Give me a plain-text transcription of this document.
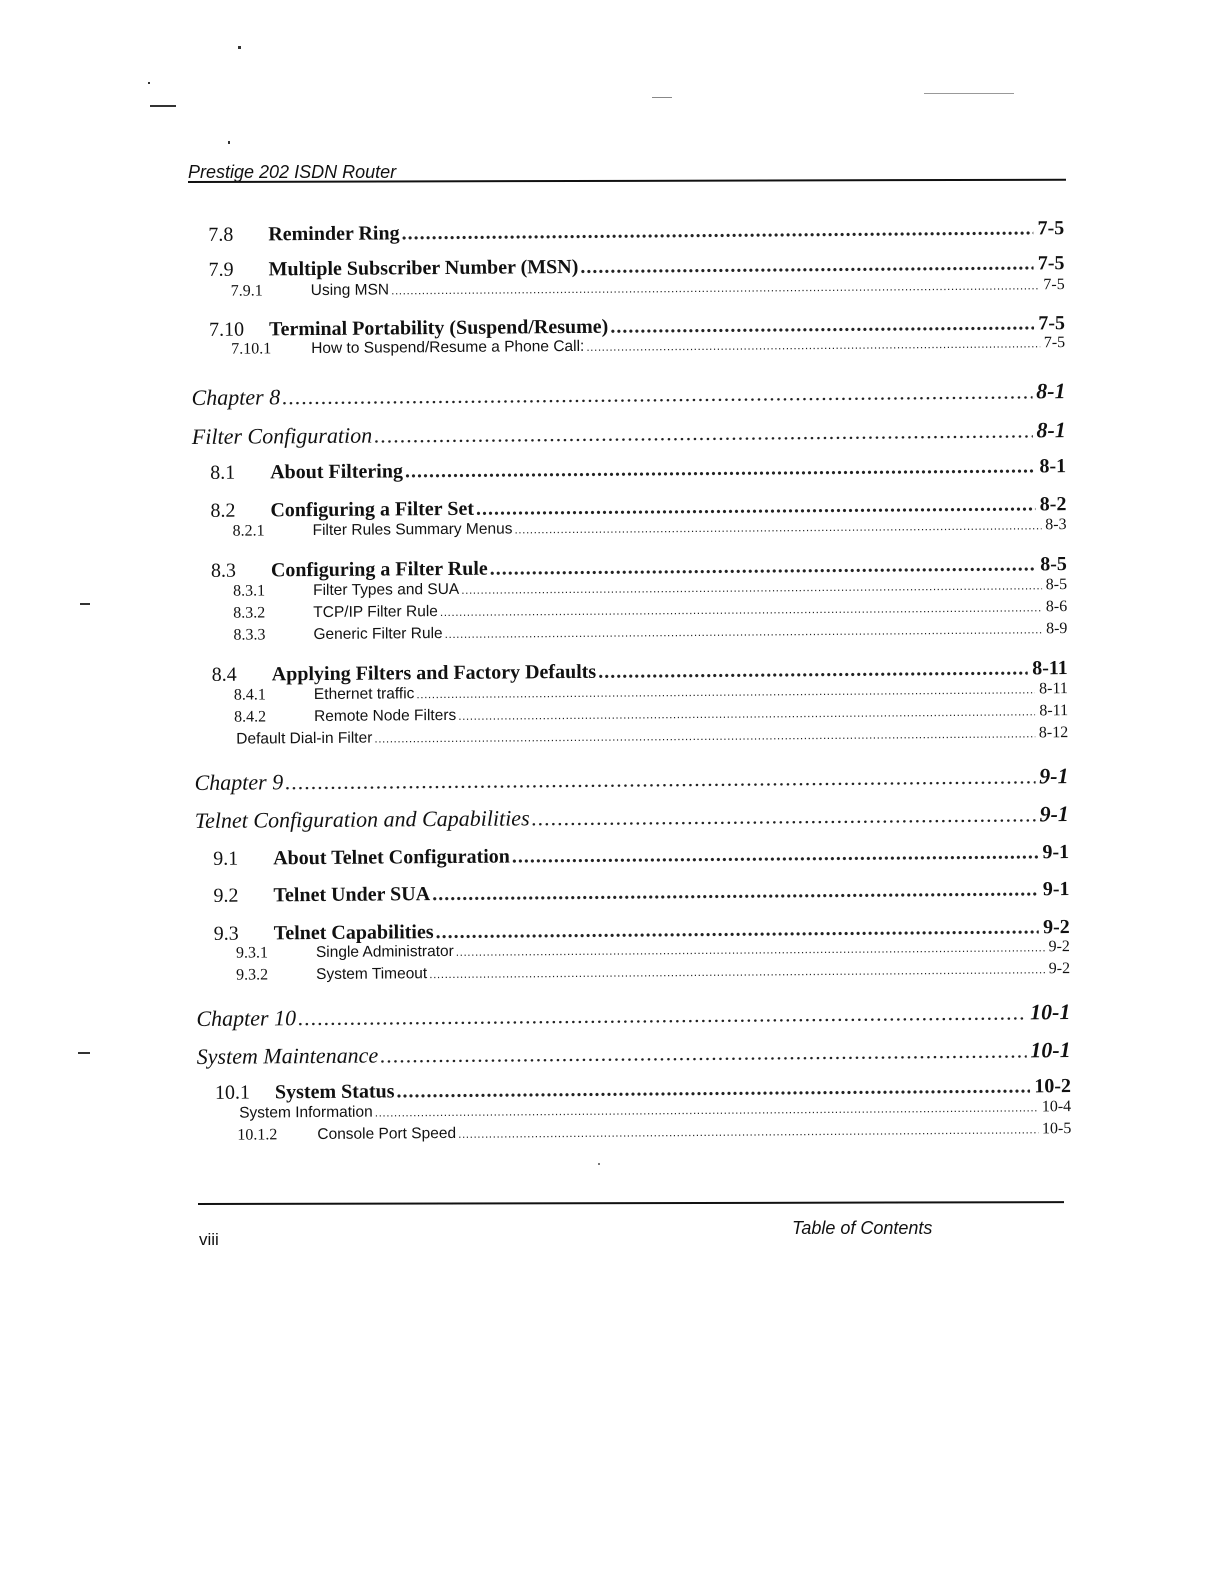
Prestige 202 ISDN Router
7.8	Reminder Ring .....	7-5
7.9	Multiple Subscriber Number (MSN) .....	7-5
7.9.1	Using MSN .....	7-5
7.10	Terminal Portability (Suspend/Resume) .....	7-5
7.10.1	How to Suspend/Resume a Phone Call: .....	7-5
Chapter 8 .....	8-1
Filter Configuration .....	8-1
8.1	About Filtering .....	8-1
8.2	Configuring a Filter Set .....	8-2
8.2.1	Filter Rules Summary Menus .....	8-3
8.3	Configuring a Filter Rule .....	8-5
8.3.1	Filter Types and SUA .....	8-5
8.3.2	TCP/IP Filter Rule .....	8-6
8.3.3	Generic Filter Rule .....	8-9
8.4	Applying Filters and Factory Defaults .....	8-11
8.4.1	Ethernet traffic .....	8-11
8.4.2	Remote Node Filters .....	8-11
Default Dial-in Filter .....	8-12
Chapter 9 .....	9-1
Telnet Configuration and Capabilities .....	9-1
9.1	About Telnet Configuration .....	9-1
9.2	Telnet Under SUA .....	9-1
9.3	Telnet Capabilities .....	9-2
9.3.1	Single Administrator .....	9-2
9.3.2	System Timeout .....	9-2
Chapter 10 .....	10-1
System Maintenance .....	10-1
10.1	System Status .....	10-2
System Information .....	10-4
10.1.2	Console Port Speed .....	10-5
viii
Table of Contents
